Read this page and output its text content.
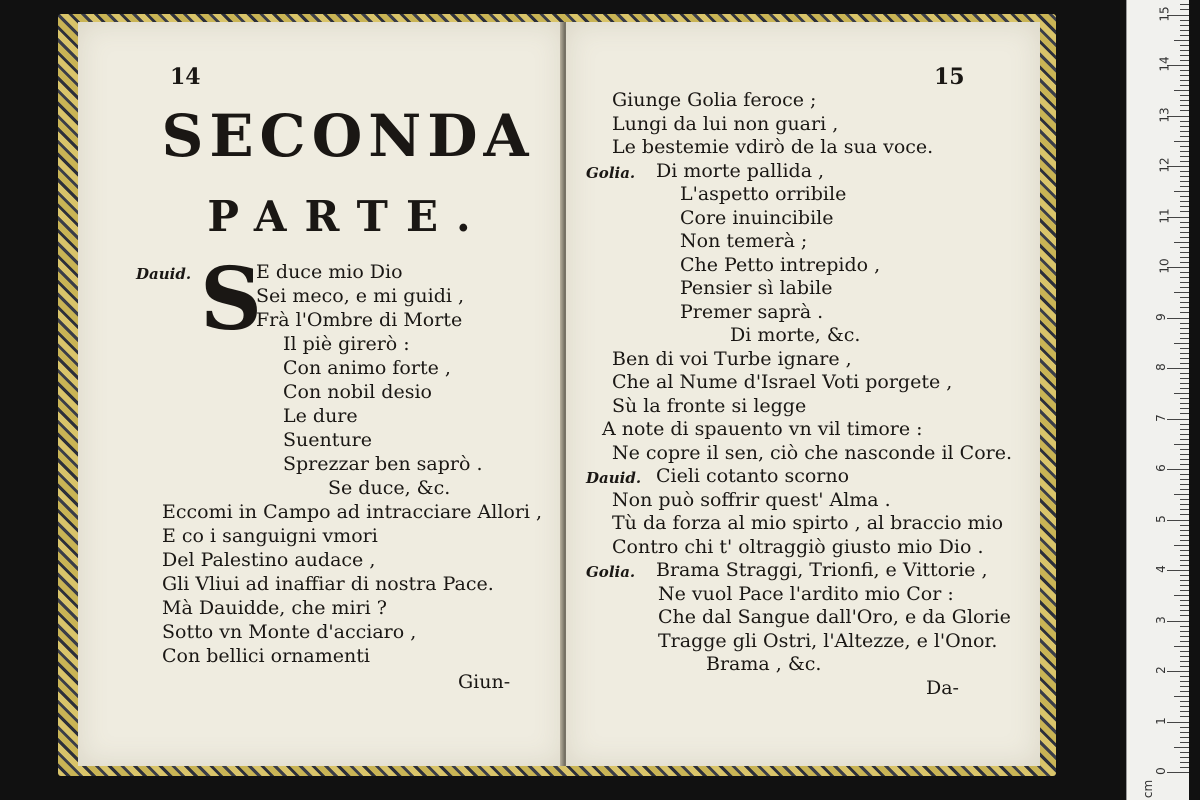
14
SECONDA
PARTE.
Dauid. S
E duce mio Dio
Sei meco, e mi guidi ,
Frà l'Ombre di Morte
Il piè girerò :
Con animo forte ,
Con nobil desio
Le dure
Suenture
Sprezzar ben saprò .
Se duce, &c.
Eccomi in Campo ad intracciare Allori ,
E co i sanguigni vmori
Del Palestino audace ,
Gli Vliui ad inaffiar di nostra Pace.
Mà Dauidde, che miri ?
Sotto vn Monte d'acciaro ,
Con bellici ornamenti
Giun-
15
Giunge Golia feroce ;
Lungi da lui non guari ,
Le bestemie vdirò de la sua voce.
Golia. Di morte pallida ,
L'aspetto orribile
Core inuincibile
Non temerà ;
Che Petto intrepido ,
Pensier sì labile
Premer saprà .
Di morte, &c.
Ben di voi Turbe ignare ,
Che al Nume d'Israel Voti porgete ,
Sù la fronte si legge
A note di spauento vn vil timore :
Ne copre il sen, ciò che nasconde il Core.
Dauid. Cieli cotanto scorno
Non può soffrir quest' Alma .
Tù da forza al mio spirto , al braccio mio
Contro chi t' oltraggiò giusto mio Dio .
Golia. Brama Straggi, Trionfi, e Vittorie ,
Ne vuol Pace l'ardito mio Cor :
Che dal Sangue dall'Oro, e da Glorie
Tragge gli Ostri, l'Altezze, e l'Onor.
Brama , &c.
Da-
0
1
2
3
4
5
6
7
8
9
10
11
12
13
14
15
cm
